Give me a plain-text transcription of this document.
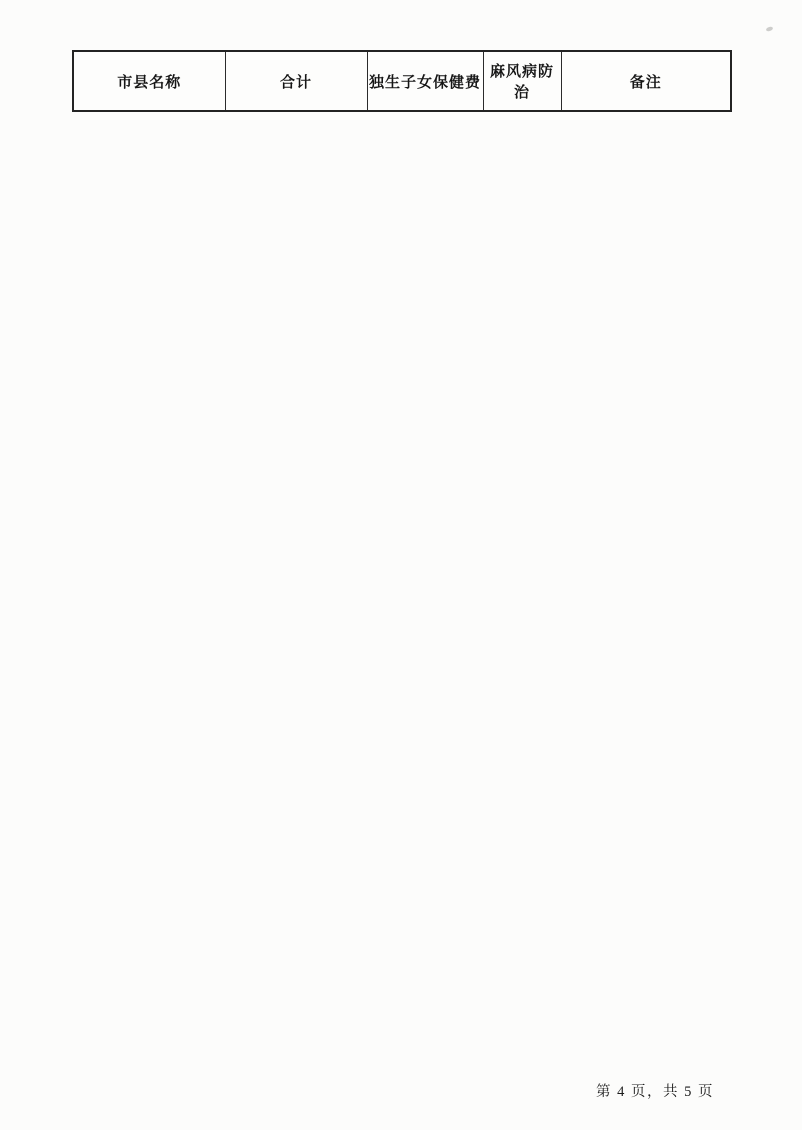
市县名称	合计	独生子女保健费	麻风病防治	备注
第 4 页，共 5 页
